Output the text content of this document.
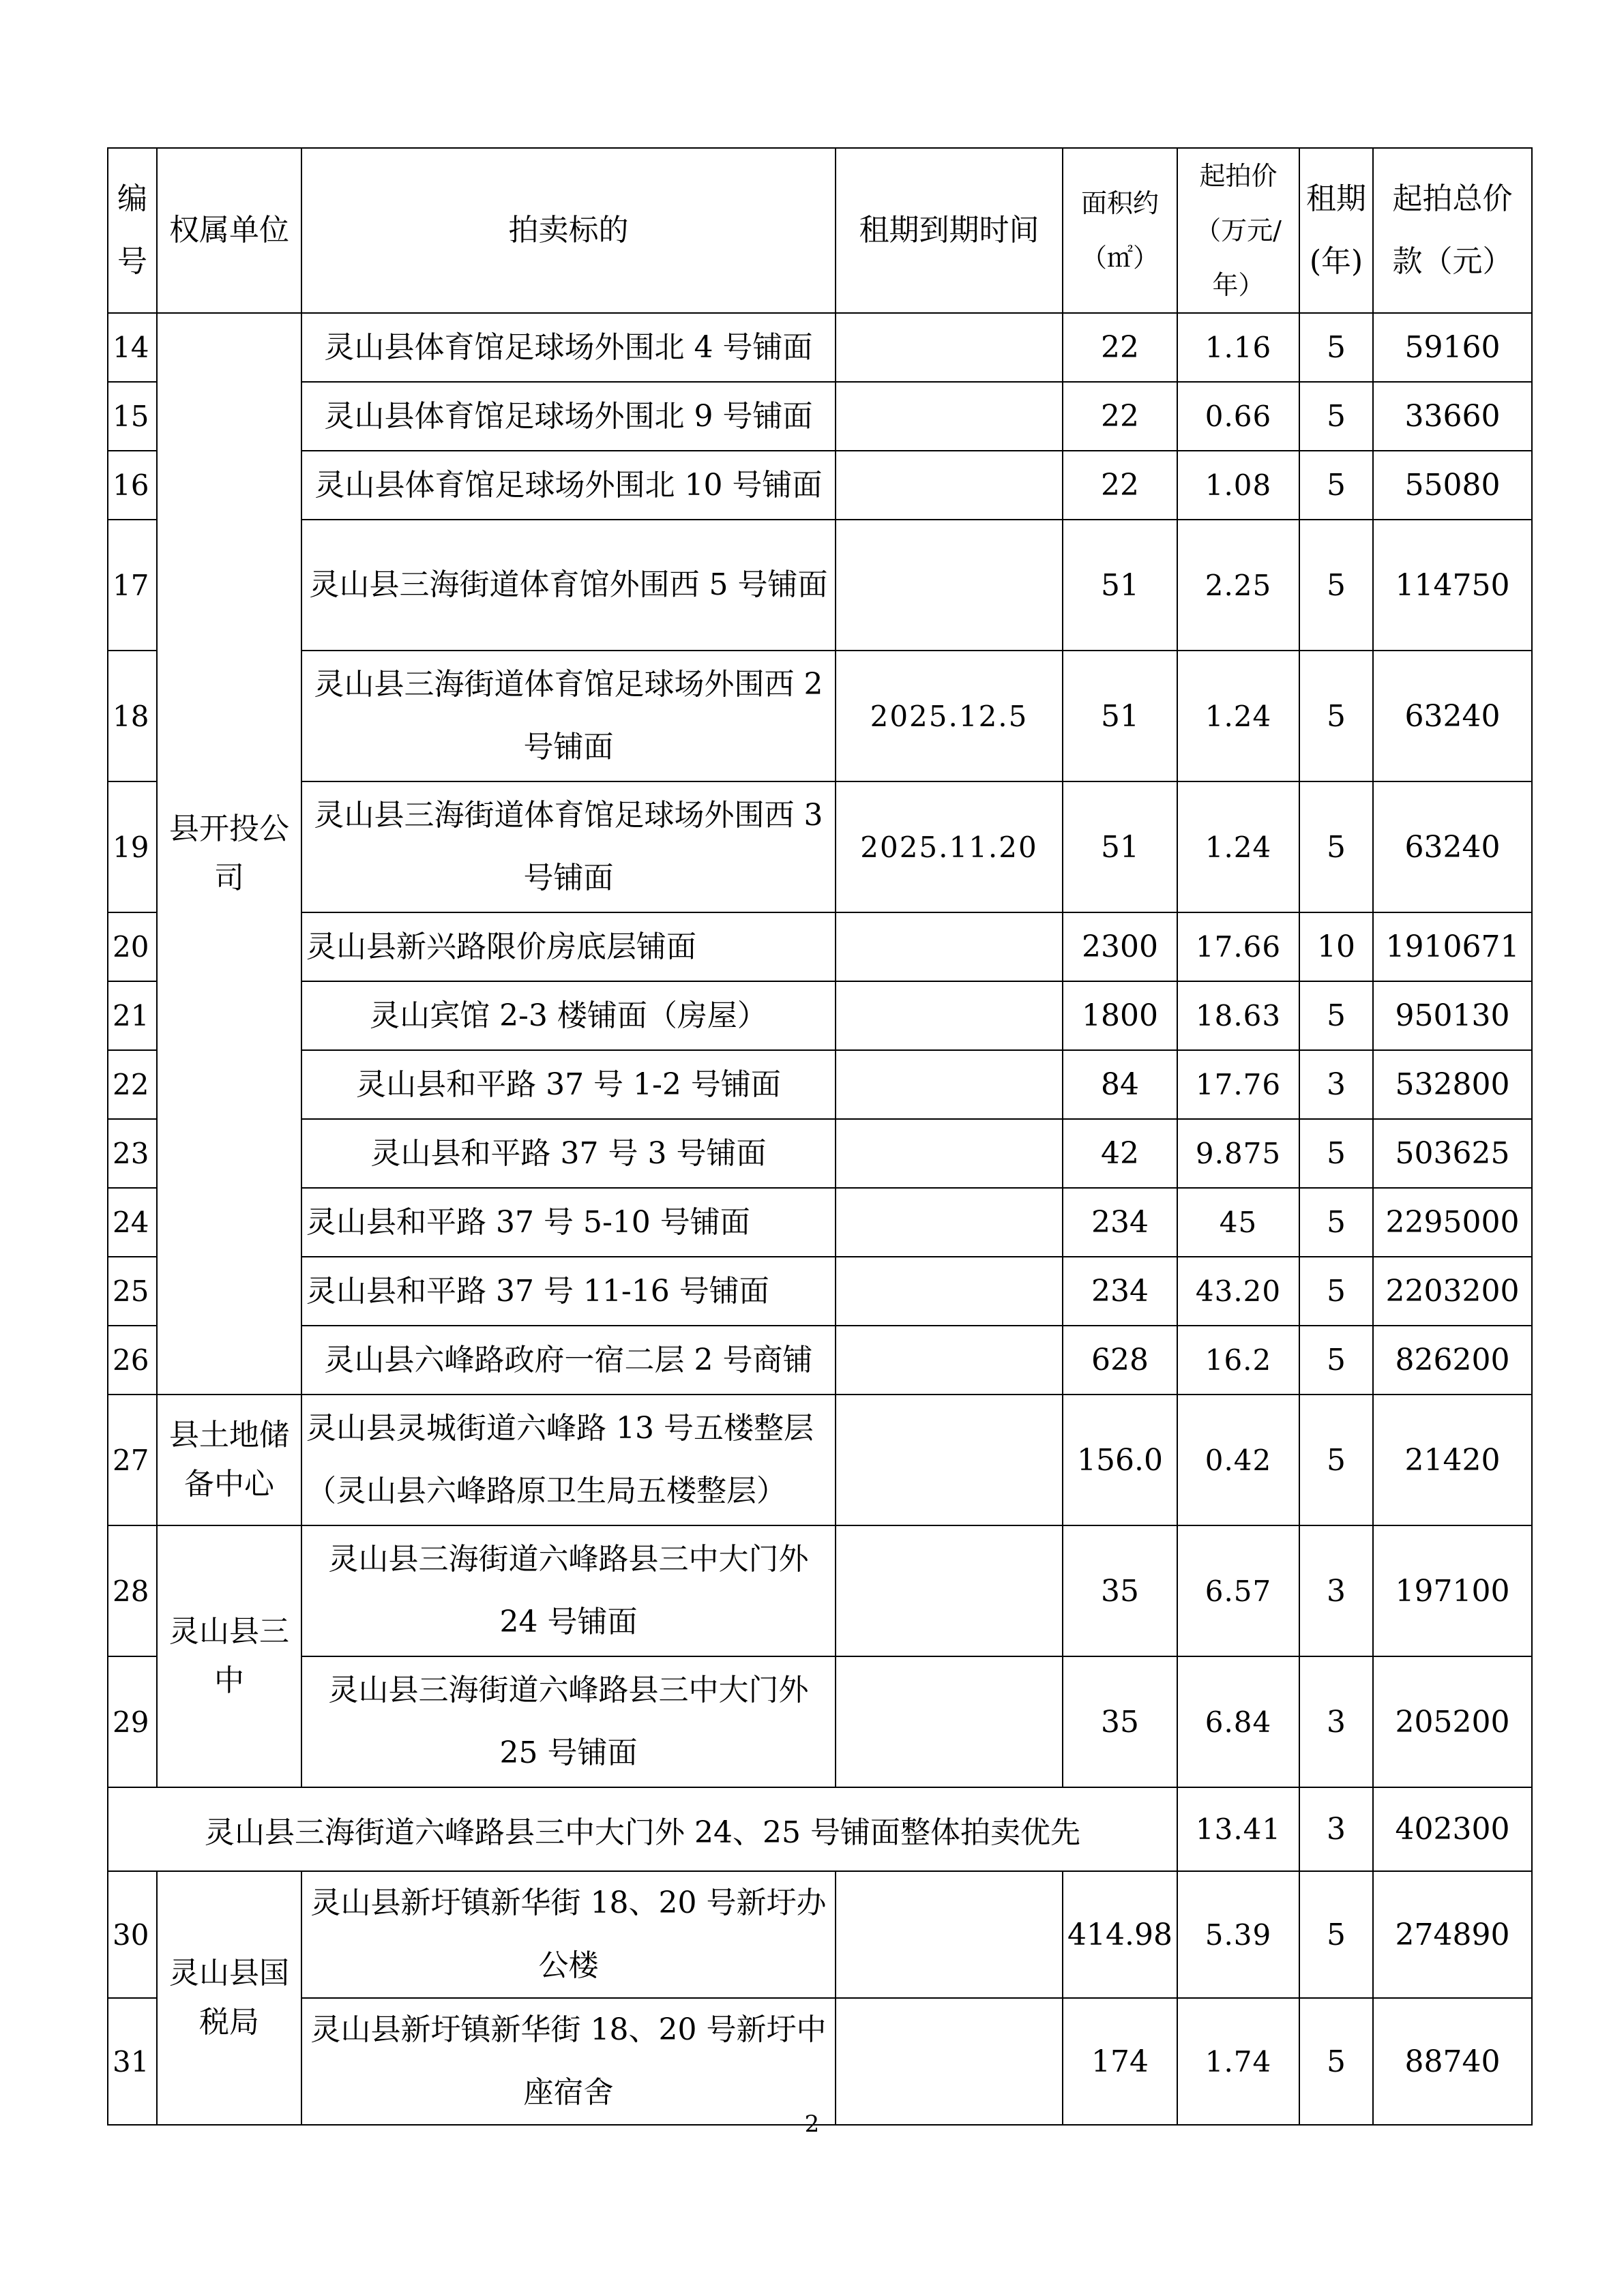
编号	权属单位	拍卖标的	租期到期时间	面积约（㎡）	起拍价（万元/年）	租期(年)	起拍总价款（元）
14	县开投公司	灵山县体育馆足球场外围北 4 号铺面		22	1.16	5	59160
15		灵山县体育馆足球场外围北 9 号铺面		22	0.66	5	33660
16		灵山县体育馆足球场外围北 10 号铺面		22	1.08	5	55080
17		灵山县三海街道体育馆外围西 5 号铺面		51	2.25	5	114750
18		灵山县三海街道体育馆足球场外围西 2 号铺面	2025.12.5	51	1.24	5	63240
19		灵山县三海街道体育馆足球场外围西 3 号铺面	2025.11.20	51	1.24	5	63240
20		灵山县新兴路限价房底层铺面		2300	17.66	10	1910671
21		灵山宾馆 2-3 楼铺面（房屋）		1800	18.63	5	950130
22		灵山县和平路 37 号 1-2 号铺面		84	17.76	3	532800
23		灵山县和平路 37 号 3 号铺面		42	9.875	5	503625
24		灵山县和平路 37 号 5-10 号铺面		234	45	5	2295000
25		灵山县和平路 37 号 11-16 号铺面		234	43.20	5	2203200
26		灵山县六峰路政府一宿二层 2 号商铺		628	16.2	5	826200
27	县土地储备中心	灵山县灵城街道六峰路 13 号五楼整层（灵山县六峰路原卫生局五楼整层）		156.0	0.42	5	21420
28	灵山县三中	灵山县三海街道六峰路县三中大门外 24 号铺面		35	6.57	3	197100
29		灵山县三海街道六峰路县三中大门外 25 号铺面		35	6.84	3	205200
灵山县三海街道六峰路县三中大门外 24、25 号铺面整体拍卖优先					13.41	3	402300
30	灵山县国税局	灵山县新圩镇新华街 18、20 号新圩办公楼		414.98	5.39	5	274890
31		灵山县新圩镇新华街 18、20 号新圩中座宿舍		174	1.74	5	88740
2
